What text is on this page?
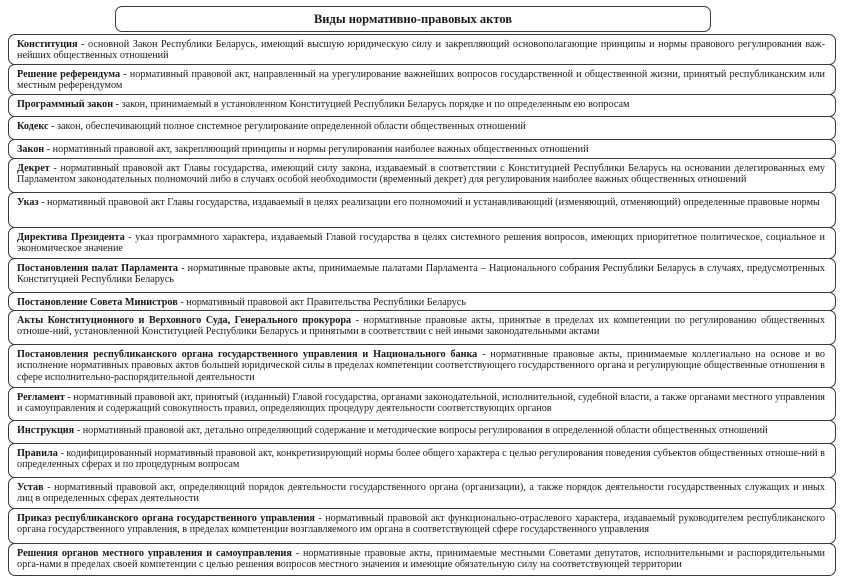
Виды нормативно-правовых актов
Конституция - основной Закон Республики Беларусь, имеющий высшую юридическую силу и закрепляющий основополагающие принципы и нормы правового регулирования важ-нейших общественных отношений
Решение референдума - нормативный правовой акт, направленный на урегулирование важнейших вопросов государственной и общественной жизни, принятый республиканским или местным референдумом
Программный закон - закон, принимаемый в установленном Конституцией Республики Беларусь порядке и по определенным ею вопросам
Кодекс - закон, обеспечивающий полное системное регулирование определенной области общественных отношений
Закон - нормативный правовой акт, закрепляющий принципы и нормы регулирования наиболее важных общественных отношений
Декрет - нормативный правовой акт Главы государства, имеющий силу закона, издаваемый в соответствии с Конституцией Республики Беларусь на основании делегированных ему Парламентом законодательных полномочий либо в случаях особой необходимости (временный декрет) для регулирования наиболее важных общественных отношений
Указ - нормативный правовой акт Главы государства, издаваемый в целях реализации его полномочий и устанавливающий (изменяющий, отменяющий) определенные правовые нормы
Директива Президента - указ программного характера, издаваемый Главой государства в целях системного решения вопросов, имеющих приоритетное политическое, социальное и экономическое значение
Постановления палат Парламента - нормативные правовые акты, принимаемые палатами Парламента – Национального собрания Республики Беларусь в случаях, предусмотренных Конституцией Республики Беларусь
Постановление Совета Министров - нормативный правовой акт Правительства Республики Беларусь
Акты Конституционного и Верховного Суда, Генерального прокурора - нормативные правовые акты, принятые в пределах их компетенции по регулированию общественных отноше-ний, установленной Конституцией Республики Беларусь и принятыми в соответствии с ней иными законодательными актами
Постановления республиканского органа государственного управления и Национального банка - нормативные правовые акты, принимаемые коллегиально на основе и во исполнение нормативных правовых актов большей юридической силы в пределах компетенции соответствующего государственного органа и регулирующие общественные отношения в сфере исполнительно-распорядительной деятельности
Регламент - нормативный правовой акт, принятый (изданный) Главой государства, органами законодательной, исполнительной, судебной власти, а также органами местного управления и самоуправления и содержащий совокупность правил, определяющих процедуру деятельности соответствующих органов
Инструкция - нормативный правовой акт, детально определяющий содержание и методические вопросы регулирования в определенной области общественных отношений
Правила - кодифицированный нормативный правовой акт, конкретизирующий нормы более общего характера с целью регулирования поведения субъектов общественных отноше-ний в определенных сферах и по процедурным вопросам
Устав - нормативный правовой акт, определяющий порядок деятельности государственного органа (организации), а также порядок деятельности государственных служащих и иных лиц в определенных сферах деятельности
Приказ республиканского органа государственного управления - нормативный правовой акт функционально-отраслевого характера, издаваемый руководителем республиканского органа государственного управления, в пределах компетенции возглавляемого им органа в соответствующей сфере государственного управления
Решения органов местного управления и самоуправления - нормативные правовые акты, принимаемые местными Советами депутатов, исполнительными и распорядительными орга-нами в пределах своей компетенции с целью решения вопросов местного значения и имеющие обязательную силу на соответствующей территории
